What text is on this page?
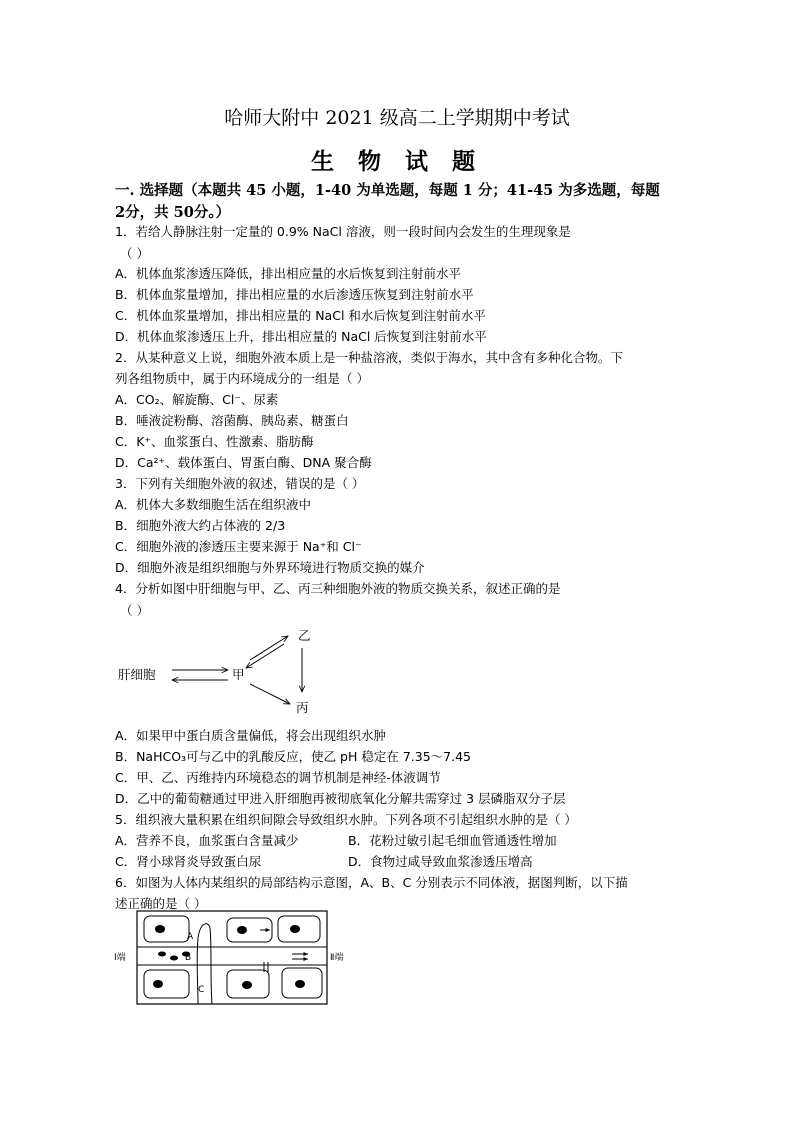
哈师大附中 2021 级高二上学期期中考试
生 物 试 题
一. 选择题（本题共 45 小题，1-40 为单选题，每题 1 分；41-45 为多选题，每题
2分，共 50分。）
1．若给人静脉注射一定量的 0.9% NaCl 溶液，则一段时间内会发生的生理现象是
（ ）
A．机体血浆渗透压降低，排出相应量的水后恢复到注射前水平
B．机体血浆量增加，排出相应量的水后渗透压恢复到注射前水平
C．机体血浆量增加，排出相应量的 NaCl 和水后恢复到注射前水平
D．机体血浆渗透压上升，排出相应量的 NaCl 后恢复到注射前水平
2．从某种意义上说，细胞外液本质上是一种盐溶液，类似于海水，其中含有多种化合物。下
列各组物质中，属于内环境成分的一组是（ ）
A．CO₂、解旋酶、Cl⁻、尿素
B．唾液淀粉酶、溶菌酶、胰岛素、糖蛋白
C．K⁺、血浆蛋白、性激素、脂肪酶
D．Ca²⁺、载体蛋白、胃蛋白酶、DNA 聚合酶
3．下列有关细胞外液的叙述，错误的是（ ）
A．机体大多数细胞生活在组织液中
B．细胞外液大约占体液的 2/3
C．细胞外液的渗透压主要来源于 Na⁺和 Cl⁻
D．细胞外液是组织细胞与外界环境进行物质交换的媒介
4．分析如图中肝细胞与甲、乙、丙三种细胞外液的物质交换关系，叙述正确的是
（ ）
肝细胞	甲
乙
丙
A．如果甲中蛋白质含量偏低，将会出现组织水肿
B．NaHCO₃可与乙中的乳酸反应，使乙 pH 稳定在 7.35～7.45
C．甲、乙、丙维持内环境稳态的调节机制是神经-体液调节
D．乙中的葡萄糖通过甲进入肝细胞再被彻底氧化分解共需穿过 3 层磷脂双分子层
5．组织液大量积累在组织间隙会导致组织水肿。下列各项不引起组织水肿的是（ ）
A．营养不良，血浆蛋白含量减少	B．花粉过敏引起毛细血管通透性增加
C．肾小球肾炎导致蛋白尿	D．食物过咸导致血浆渗透压增高
6．如图为人体内某组织的局部结构示意图，A、B、C 分别表示不同体液，据图判断，以下描
述正确的是（ ）
A
B
C
Ⅰ端	Ⅱ端
